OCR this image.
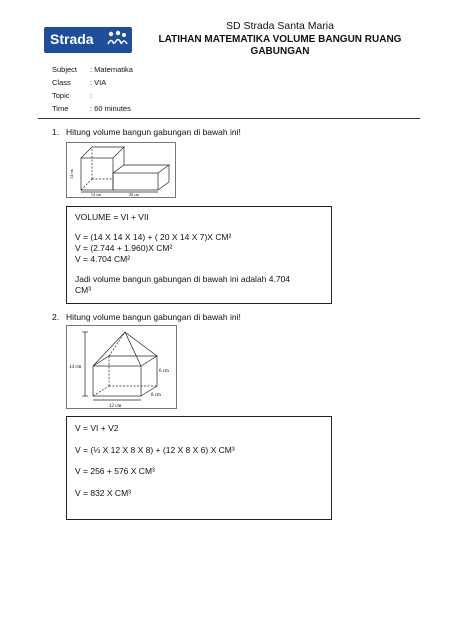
Strada
SD Strada Santa Maria
LATIHAN MATEMATIKA VOLUME BANGUN RUANG
GABUNGAN
Subject : Matematika
Class	: VIA
Topic	:
Time	: 60 minutes
1. Hitung volume bangun gabungan di bawah ini!
14 cm
14 cm	20 cm
VOLUME = VI + VII
V = (14 X 14 X 14) + ( 20 X 14 X 7)X CM²
V = (2.744 + 1.960)X CM²
V = 4.704 CM²
Jadi volume bangun gabungan di bawah ini adalah 4.704
CM³
2. Hitung volume bangun gabungan di bawah ini!
14 cm
6 cm
8 cm
12 cm
V = VI + V2
V = (⅓ X 12 X 8 X 8) + (12 X 8 X 6) X CM³
V = 256 + 576 X CM³
V = 832 X CM³
